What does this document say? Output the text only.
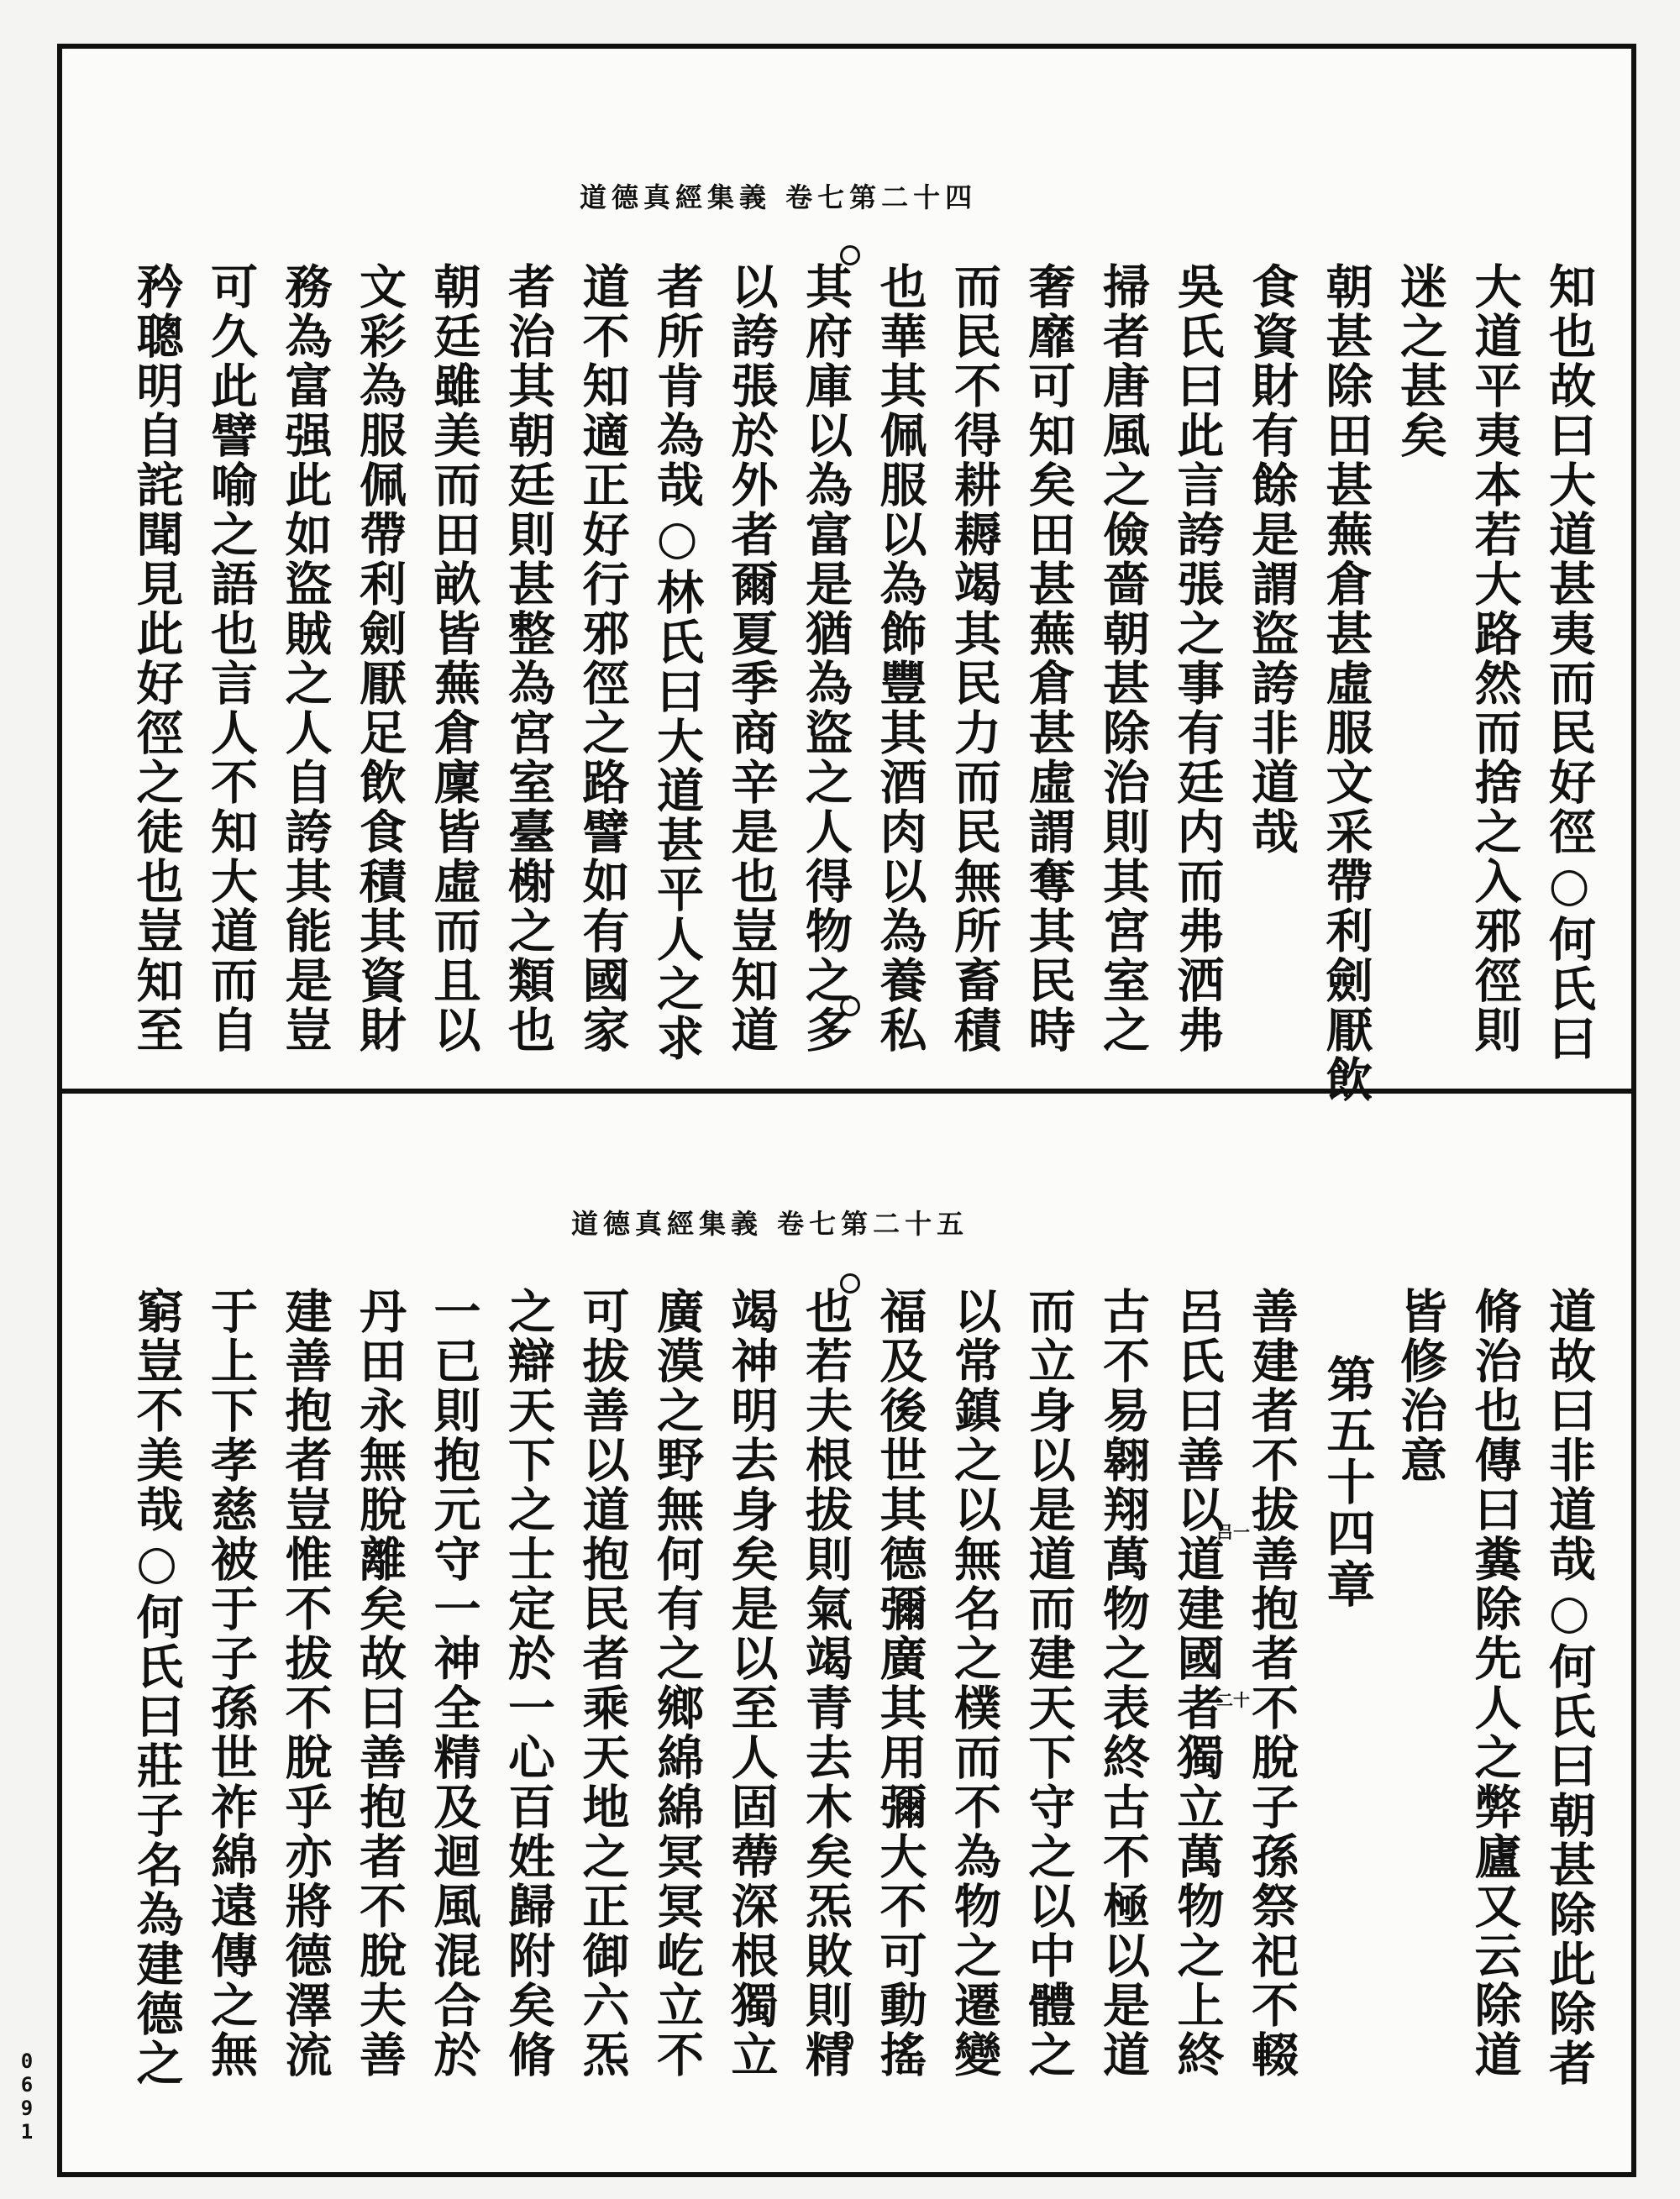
道德真經集義 卷七第二十四
道德真經集義 卷七第二十五
知也故曰大道甚夷而民好徑○何氏曰
大道平夷本若大路然而捨之入邪徑則
迷之甚矣
朝甚除田甚蕪倉甚虛服文采帶利劍厭飲
食資財有餘是謂盜誇非道哉
吳氏曰此言誇張之事有廷内而弗洒弗
掃者唐風之儉嗇朝甚除治則其宮室之
奢靡可知矣田甚蕪倉甚虛謂奪其民時
而民不得耕耨竭其民力而民無所畜積
也華其佩服以為飾豐其酒肉以為養私
其府庫以為富是猶為盜之人得物之多
以誇張於外者爾夏季商辛是也豈知道
者所肯為哉○林氏曰大道甚平人之求
道不知適正好行邪徑之路譬如有國家
者治其朝廷則甚整為宮室臺榭之類也
朝廷雖美而田畝皆蕪倉廩皆虛而且以
文彩為服佩帶利劍厭足飲食積其資財
務為富强此如盜賊之人自誇其能是豈
可久此譬喻之語也言人不知大道而自
矜聰明自詫聞見此好徑之徒也豈知至
道故曰非道哉○何氏曰朝甚除此除者
脩治也傳曰糞除先人之弊廬又云除道
皆修治意
第五十四章
善建者不拔善抱者不脫子孫祭祀不輟
呂氏曰善以道建國者獨立萬物之上終
古不易翱翔萬物之表終古不極以是道
而立身以是道而建天下守之以中體之
以常鎮之以無名之樸而不為物之遷變
福及後世其德彌廣其用彌大不可動搖
也若夫根拔則氣竭青去木矣炁敗則精
竭神明去身矣是以至人固蔕深根獨立
廣漠之野無何有之鄉綿綿冥冥屹立不
可拔善以道抱民者乘天地之正御六炁
之辯天下之士定於一心百姓歸附矣脩
一已則抱元守一神全精及迴風混合於
丹田永無脫離矣故曰善抱者不脫夫善
建善抱者豈惟不拔不脫乎亦將德澤流
于上下孝慈被于子孫世祚綿遠傳之無
窮豈不美哉○何氏曰莊子名為建德之	二十
吕一
0691
